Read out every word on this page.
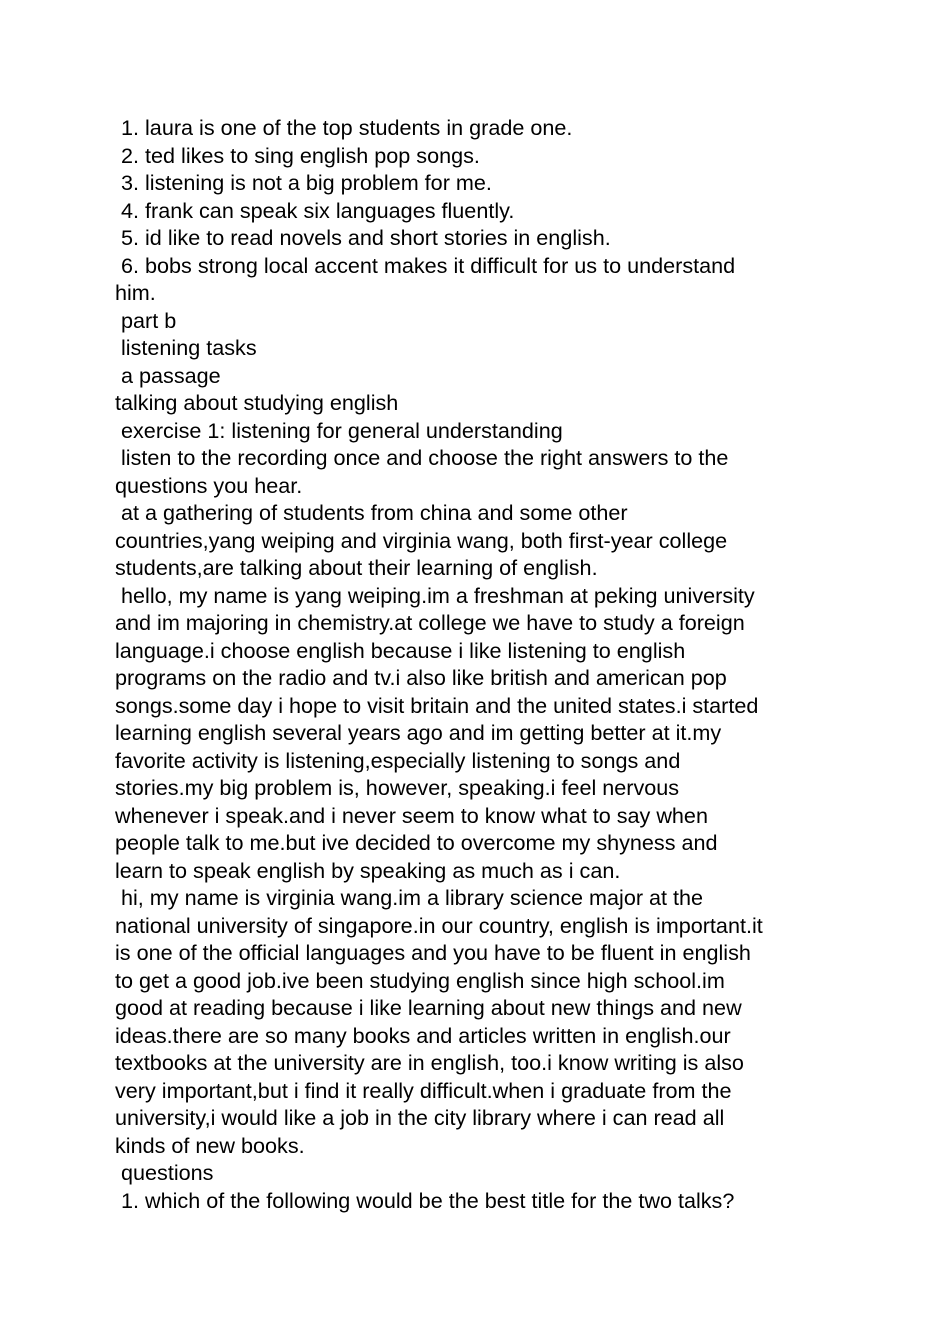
1. laura is one of the top students in grade one.
2. ted likes to sing english pop songs.
3. listening is not a big problem for me.
4. frank can speak six languages fluently.
5. id like to read novels and short stories in english.
6. bobs strong local accent makes it difficult for us to understand
him.
part b
listening tasks
a passage
talking about studying english
exercise 1: listening for general understanding
listen to the recording once and choose the right answers to the
questions you hear.
at a gathering of students from china and some other
countries,yang weiping and virginia wang, both first-year college
students,are talking about their learning of english.
hello, my name is yang weiping.im a freshman at peking university
and im majoring in chemistry.at college we have to study a foreign
language.i choose english because i like listening to english
programs on the radio and tv.i also like british and american pop
songs.some day i hope to visit britain and the united states.i started
learning english several years ago and im getting better at it.my
favorite activity is listening,especially listening to songs and
stories.my big problem is, however, speaking.i feel nervous
whenever i speak.and i never seem to know what to say when
people talk to me.but ive decided to overcome my shyness and
learn to speak english by speaking as much as i can.
hi, my name is virginia wang.im a library science major at the
national university of singapore.in our country, english is important.it
is one of the official languages and you have to be fluent in english
to get a good job.ive been studying english since high school.im
good at reading because i like learning about new things and new
ideas.there are so many books and articles written in english.our
textbooks at the university are in english, too.i know writing is also
very important,but i find it really difficult.when i graduate from the
university,i would like a job in the city library where i can read all
kinds of new books.
questions
1. which of the following would be the best title for the two talks?
